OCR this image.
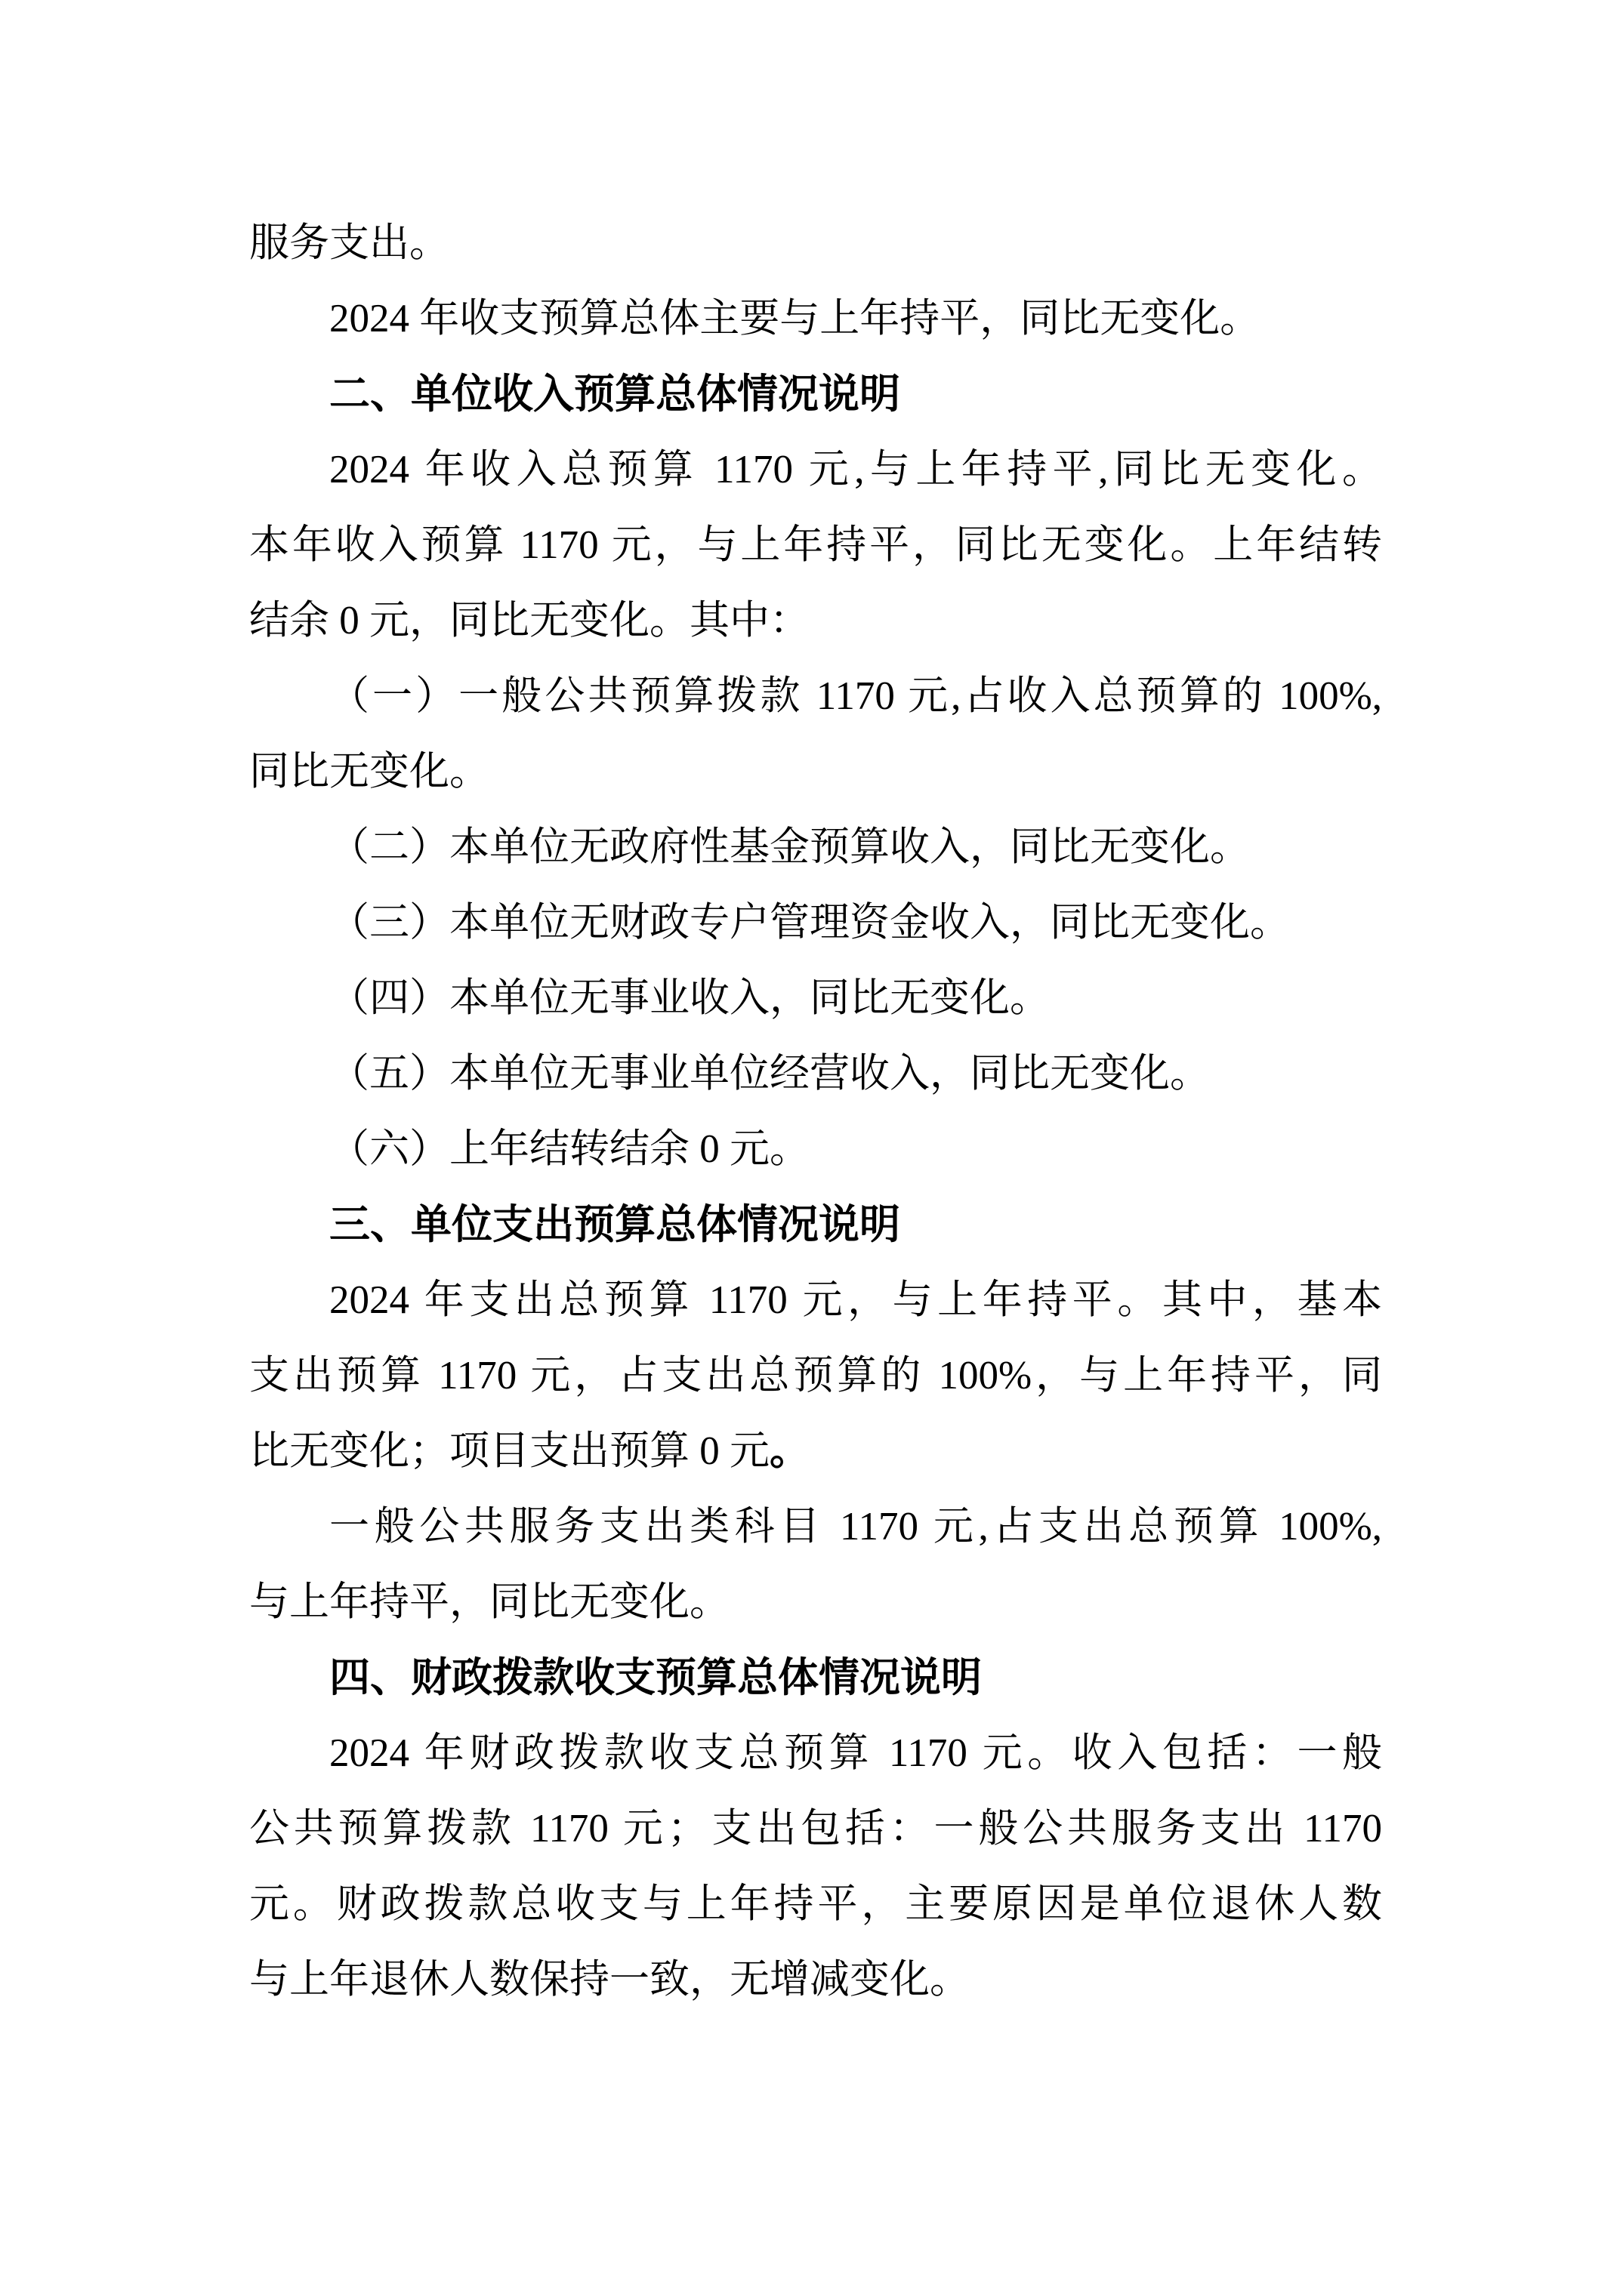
服务支出。
2024 年收支预算总体主要与上年持平，同比无变化。
二、单位收入预算总体情况说明
2024 年收入总预算 1170 元,与上年持平,同比无变化。
本年收入预算 1170 元，与上年持平，同比无变化。上年结转
结余 0 元，同比无变化。其中：
（一）一般公共预算拨款 1170 元,占收入总预算的 100%,
同比无变化。
（二）本单位无政府性基金预算收入，同比无变化。
（三）本单位无财政专户管理资金收入，同比无变化。
（四）本单位无事业收入，同比无变化。
（五）本单位无事业单位经营收入，同比无变化。
（六）上年结转结余 0 元。
三、单位支出预算总体情况说明
2024 年支出总预算 1170 元，与上年持平。其中，基本
支出预算 1170 元，占支出总预算的 100%，与上年持平，同
比无变化；项目支出预算 0 元。
一般公共服务支出类科目 1170 元,占支出总预算 100%,
与上年持平，同比无变化。
四、财政拨款收支预算总体情况说明
2024 年财政拨款收支总预算 1170 元。收入包括：一般
公共预算拨款 1170 元；支出包括：一般公共服务支出 1170
元。财政拨款总收支与上年持平，主要原因是单位退休人数
与上年退休人数保持一致，无增减变化。
